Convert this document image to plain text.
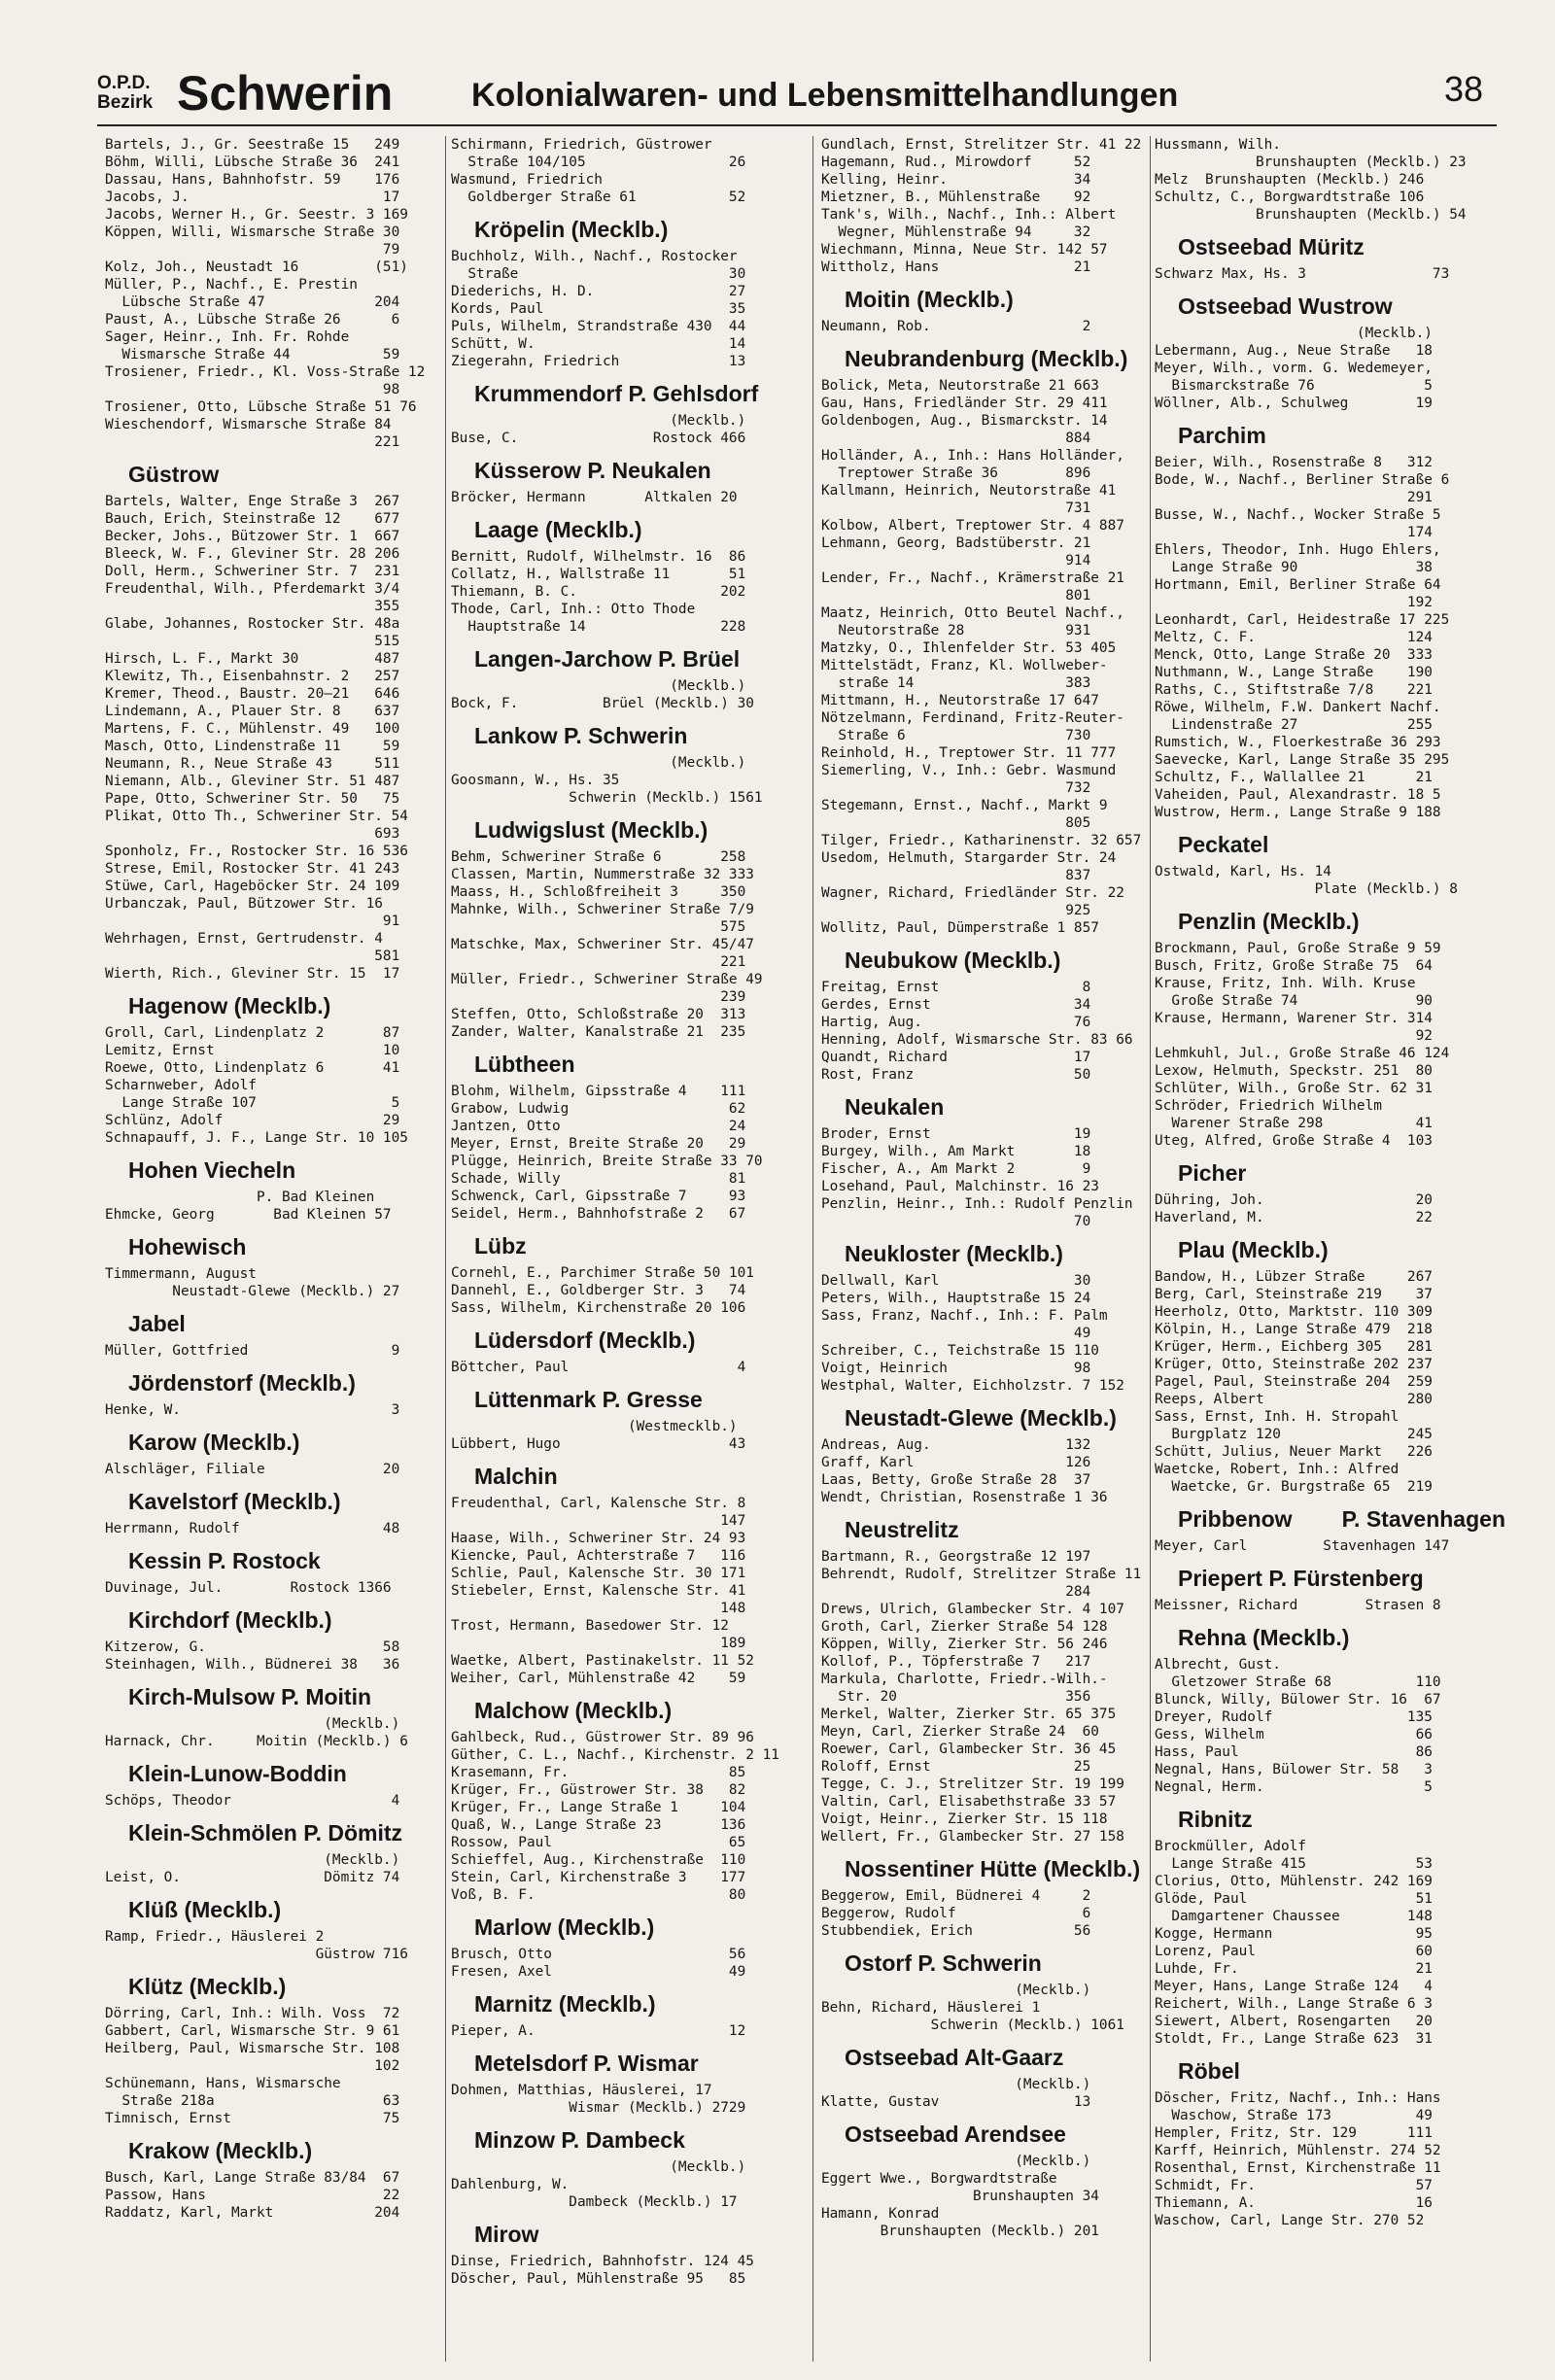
O.P.D.
Bezirk Schwerin Kolonialwaren- und Lebensmittelhandlungen	38
Bartels, J., Gr. Seestraße 15   249
Böhm, Willi, Lübsche Straße 36  241
Dassau, Hans, Bahnhofstr. 59    176
Jacobs, J.                       17
Jacobs, Werner H., Gr. Seestr. 3 169
Köppen, Willi, Wismarsche Straße 30
79
Kolz, Joh., Neustadt 16         (51)
Müller, P., Nachf., E. Prestin
Lübsche Straße 47             204
Paust, A., Lübsche Straße 26      6
Sager, Heinr., Inh. Fr. Rohde
Wismarsche Straße 44           59
Trosiener, Friedr., Kl. Voss-Straße 12
98
Trosiener, Otto, Lübsche Straße 51 76
Wieschendorf, Wismarsche Straße 84
221
Güstrow
Bartels, Walter, Enge Straße 3  267
Bauch, Erich, Steinstraße 12    677
Becker, Johs., Bützower Str. 1  667
Bleeck, W. F., Gleviner Str. 28 206
Doll, Herm., Schweriner Str. 7  231
Freudenthal, Wilh., Pferdemarkt 3/4
355
Glabe, Johannes, Rostocker Str. 48a
515
Hirsch, L. F., Markt 30         487
Klewitz, Th., Eisenbahnstr. 2   257
Kremer, Theod., Baustr. 20—21   646
Lindemann, A., Plauer Str. 8    637
Martens, F. C., Mühlenstr. 49   100
Masch, Otto, Lindenstraße 11     59
Neumann, R., Neue Straße 43     511
Niemann, Alb., Gleviner Str. 51 487
Pape, Otto, Schweriner Str. 50   75
Plikat, Otto Th., Schweriner Str. 54
693
Sponholz, Fr., Rostocker Str. 16 536
Strese, Emil, Rostocker Str. 41 243
Stüwe, Carl, Hageböcker Str. 24 109
Urbanczak, Paul, Bützower Str. 16
91
Wehrhagen, Ernst, Gertrudenstr. 4
581
Wierth, Rich., Gleviner Str. 15  17
Hagenow (Mecklb.)
Groll, Carl, Lindenplatz 2       87
Lemitz, Ernst                    10
Roewe, Otto, Lindenplatz 6       41
Scharnweber, Adolf
Lange Straße 107                5
Schlünz, Adolf                   29
Schnapauff, J. F., Lange Str. 10 105
Hohen Viecheln
P. Bad Kleinen
Ehmcke, Georg       Bad Kleinen 57
Hohewisch
Timmermann, August
Neustadt-Glewe (Mecklb.) 27
Jabel
Müller, Gottfried                 9
Jördenstorf (Mecklb.)
Henke, W.                         3
Karow (Mecklb.)
Alschläger, Filiale              20
Kavelstorf (Mecklb.)
Herrmann, Rudolf                 48
Kessin P. Rostock
Duvinage, Jul.        Rostock 1366
Kirchdorf (Mecklb.)
Kitzerow, G.                     58
Steinhagen, Wilh., Büdnerei 38   36
Kirch-Mulsow P. Moitin
(Mecklb.)
Harnack, Chr.     Moitin (Mecklb.) 6
Klein-Lunow-Boddin
Schöps, Theodor                   4
Klein-Schmölen P. Dömitz
(Mecklb.)
Leist, O.                 Dömitz 74
Klüß (Mecklb.)
Ramp, Friedr., Häuslerei 2
Güstrow 716
Klütz (Mecklb.)
Dörring, Carl, Inh.: Wilh. Voss  72
Gabbert, Carl, Wismarsche Str. 9 61
Heilberg, Paul, Wismarsche Str. 108
102
Schünemann, Hans, Wismarsche
Straße 218a                    63
Timnisch, Ernst                  75
Krakow (Mecklb.)
Busch, Karl, Lange Straße 83/84  67
Passow, Hans                     22
Raddatz, Karl, Markt            204
Schirmann, Friedrich, Güstrower
Straße 104/105                 26
Wasmund, Friedrich
Goldberger Straße 61           52
Kröpelin (Mecklb.)
Buchholz, Wilh., Nachf., Rostocker
Straße                         30
Diederichs, H. D.                27
Kords, Paul                      35
Puls, Wilhelm, Strandstraße 430  44
Schütt, W.                       14
Ziegerahn, Friedrich             13
Krummendorf P. Gehlsdorf
(Mecklb.)
Buse, C.                Rostock 466
Küsserow P. Neukalen
Bröcker, Hermann       Altkalen 20
Laage (Mecklb.)
Bernitt, Rudolf, Wilhelmstr. 16  86
Collatz, H., Wallstraße 11       51
Thiemann, B. C.                 202
Thode, Carl, Inh.: Otto Thode
Hauptstraße 14                228
Langen-Jarchow P. Brüel
(Mecklb.)
Bock, F.          Brüel (Mecklb.) 30
Lankow P. Schwerin
(Mecklb.)
Goosmann, W., Hs. 35
Schwerin (Mecklb.) 1561
Ludwigslust (Mecklb.)
Behm, Schweriner Straße 6       258
Classen, Martin, Nummerstraße 32 333
Maass, H., Schloßfreiheit 3     350
Mahnke, Wilh., Schweriner Straße 7/9
575
Matschke, Max, Schweriner Str. 45/47
221
Müller, Friedr., Schweriner Straße 49
239
Steffen, Otto, Schloßstraße 20  313
Zander, Walter, Kanalstraße 21  235
Lübtheen
Blohm, Wilhelm, Gipsstraße 4    111
Grabow, Ludwig                   62
Jantzen, Otto                    24
Meyer, Ernst, Breite Straße 20   29
Plügge, Heinrich, Breite Straße 33 70
Schade, Willy                    81
Schwenck, Carl, Gipsstraße 7     93
Seidel, Herm., Bahnhofstraße 2   67
Lübz
Cornehl, E., Parchimer Straße 50 101
Dannehl, E., Goldberger Str. 3   74
Sass, Wilhelm, Kirchenstraße 20 106
Lüdersdorf (Mecklb.)
Böttcher, Paul                    4
Lüttenmark P. Gresse
(Westmecklb.)
Lübbert, Hugo                    43
Malchin
Freudenthal, Carl, Kalensche Str. 8
147
Haase, Wilh., Schweriner Str. 24 93
Kiencke, Paul, Achterstraße 7   116
Schlie, Paul, Kalensche Str. 30 171
Stiebeler, Ernst, Kalensche Str. 41
148
Trost, Hermann, Basedower Str. 12
189
Waetke, Albert, Pastinakelstr. 11 52
Weiher, Carl, Mühlenstraße 42    59
Malchow (Mecklb.)
Gahlbeck, Rud., Güstrower Str. 89 96
Güther, C. L., Nachf., Kirchenstr. 2 11
Krasemann, Fr.                   85
Krüger, Fr., Güstrower Str. 38   82
Krüger, Fr., Lange Straße 1     104
Quaß, W., Lange Straße 23       136
Rossow, Paul                     65
Schieffel, Aug., Kirchenstraße  110
Stein, Carl, Kirchenstraße 3    177
Voß, B. F.                       80
Marlow (Mecklb.)
Brusch, Otto                     56
Fresen, Axel                     49
Marnitz (Mecklb.)
Pieper, A.                       12
Metelsdorf P. Wismar
Dohmen, Matthias, Häuslerei, 17
Wismar (Mecklb.) 2729
Minzow P. Dambeck
(Mecklb.)
Dahlenburg, W.
Dambeck (Mecklb.) 17
Mirow
Dinse, Friedrich, Bahnhofstr. 124 45
Döscher, Paul, Mühlenstraße 95   85
Gundlach, Ernst, Strelitzer Str. 41 22
Hagemann, Rud., Mirowdorf     52
Kelling, Heinr.               34
Mietzner, B., Mühlenstraße    92
Tank's, Wilh., Nachf., Inh.: Albert
Wegner, Mühlenstraße 94     32
Wiechmann, Minna, Neue Str. 142 57
Wittholz, Hans                21
Moitin (Mecklb.)
Neumann, Rob.                  2
Neubrandenburg (Mecklb.)
Bolick, Meta, Neutorstraße 21 663
Gau, Hans, Friedländer Str. 29 411
Goldenbogen, Aug., Bismarckstr. 14
884
Holländer, A., Inh.: Hans Holländer,
Treptower Straße 36        896
Kallmann, Heinrich, Neutorstraße 41
731
Kolbow, Albert, Treptower Str. 4 887
Lehmann, Georg, Badstüberstr. 21
914
Lender, Fr., Nachf., Krämerstraße 21
801
Maatz, Heinrich, Otto Beutel Nachf.,
Neutorstraße 28            931
Matzky, O., Ihlenfelder Str. 53 405
Mittelstädt, Franz, Kl. Wollweber-
straße 14                  383
Mittmann, H., Neutorstraße 17 647
Nötzelmann, Ferdinand, Fritz-Reuter-
Straße 6                   730
Reinhold, H., Treptower Str. 11 777
Siemerling, V., Inh.: Gebr. Wasmund
732
Stegemann, Ernst., Nachf., Markt 9
805
Tilger, Friedr., Katharinenstr. 32 657
Usedom, Helmuth, Stargarder Str. 24
837
Wagner, Richard, Friedländer Str. 22
925
Wollitz, Paul, Dümperstraße 1 857
Neubukow (Mecklb.)
Freitag, Ernst                 8
Gerdes, Ernst                 34
Hartig, Aug.                  76
Henning, Adolf, Wismarsche Str. 83 66
Quandt, Richard               17
Rost, Franz                   50
Neukalen
Broder, Ernst                 19
Burgey, Wilh., Am Markt       18
Fischer, A., Am Markt 2        9
Losehand, Paul, Malchinstr. 16 23
Penzlin, Heinr., Inh.: Rudolf Penzlin
70
Neukloster (Mecklb.)
Dellwall, Karl                30
Peters, Wilh., Hauptstraße 15 24
Sass, Franz, Nachf., Inh.: F. Palm
49
Schreiber, C., Teichstraße 15 110
Voigt, Heinrich               98
Westphal, Walter, Eichholzstr. 7 152
Neustadt-Glewe (Mecklb.)
Andreas, Aug.                132
Graff, Karl                  126
Laas, Betty, Große Straße 28  37
Wendt, Christian, Rosenstraße 1 36
Neustrelitz
Bartmann, R., Georgstraße 12 197
Behrendt, Rudolf, Strelitzer Straße 11
284
Drews, Ulrich, Glambecker Str. 4 107
Groth, Carl, Zierker Straße 54 128
Köppen, Willy, Zierker Str. 56 246
Kollof, P., Töpferstraße 7   217
Markula, Charlotte, Friedr.-Wilh.-
Str. 20                    356
Merkel, Walter, Zierker Str. 65 375
Meyn, Carl, Zierker Straße 24  60
Roewer, Carl, Glambecker Str. 36 45
Roloff, Ernst                 25
Tegge, C. J., Strelitzer Str. 19 199
Valtin, Carl, Elisabethstraße 33 57
Voigt, Heinr., Zierker Str. 15 118
Wellert, Fr., Glambecker Str. 27 158
Nossentiner Hütte (Mecklb.)
Beggerow, Emil, Büdnerei 4     2
Beggerow, Rudolf               6
Stubbendiek, Erich            56
Ostorf P. Schwerin
(Mecklb.)
Behn, Richard, Häuslerei 1
Schwerin (Mecklb.) 1061
Ostseebad Alt-Gaarz
(Mecklb.)
Klatte, Gustav                13
Ostseebad Arendsee
(Mecklb.)
Eggert Wwe., Borgwardtstraße
Brunshaupten 34
Hamann, Konrad
Brunshaupten (Mecklb.) 201
Hussmann, Wilh.
Brunshaupten (Mecklb.) 23
Melz  Brunshaupten (Mecklb.) 246
Schultz, C., Borgwardtstraße 106
Brunshaupten (Mecklb.) 54
Ostseebad Müritz
Schwarz Max, Hs. 3               73
Ostseebad Wustrow
(Mecklb.)
Lebermann, Aug., Neue Straße   18
Meyer, Wilh., vorm. G. Wedemeyer,
Bismarckstraße 76             5
Wöllner, Alb., Schulweg        19
Parchim
Beier, Wilh., Rosenstraße 8   312
Bode, W., Nachf., Berliner Straße 6
291
Busse, W., Nachf., Wocker Straße 5
174
Ehlers, Theodor, Inh. Hugo Ehlers,
Lange Straße 90              38
Hortmann, Emil, Berliner Straße 64
192
Leonhardt, Carl, Heidestraße 17 225
Meltz, C. F.                  124
Menck, Otto, Lange Straße 20  333
Nuthmann, W., Lange Straße    190
Raths, C., Stiftstraße 7/8    221
Röwe, Wilhelm, F.W. Dankert Nachf.
Lindenstraße 27             255
Rumstich, W., Floerkestraße 36 293
Saevecke, Karl, Lange Straße 35 295
Schultz, F., Wallallee 21      21
Vaheiden, Paul, Alexandrastr. 18 5
Wustrow, Herm., Lange Straße 9 188
Peckatel
Ostwald, Karl, Hs. 14
Plate (Mecklb.) 8
Penzlin (Mecklb.)
Brockmann, Paul, Große Straße 9 59
Busch, Fritz, Große Straße 75  64
Krause, Fritz, Inh. Wilh. Kruse
Große Straße 74              90
Krause, Hermann, Warener Str. 314
92
Lehmkuhl, Jul., Große Straße 46 124
Lexow, Helmuth, Speckstr. 251  80
Schlüter, Wilh., Große Str. 62 31
Schröder, Friedrich Wilhelm
Warener Straße 298           41
Uteg, Alfred, Große Straße 4  103
Picher
Dühring, Joh.                  20
Haverland, M.                  22
Plau (Mecklb.)
Bandow, H., Lübzer Straße     267
Berg, Carl, Steinstraße 219    37
Heerholz, Otto, Marktstr. 110 309
Kölpin, H., Lange Straße 479  218
Krüger, Herm., Eichberg 305   281
Krüger, Otto, Steinstraße 202 237
Pagel, Paul, Steinstraße 204  259
Reeps, Albert                 280
Sass, Ernst, Inh. H. Stropahl
Burgplatz 120               245
Schütt, Julius, Neuer Markt   226
Waetcke, Robert, Inh.: Alfred
Waetcke, Gr. Burgstraße 65  219
Pribbenow        P. Stavenhagen
Meyer, Carl         Stavenhagen 147
Priepert P. Fürstenberg
Meissner, Richard        Strasen 8
Rehna (Mecklb.)
Albrecht, Gust.
Gletzower Straße 68          110
Blunck, Willy, Bülower Str. 16  67
Dreyer, Rudolf                135
Gess, Wilhelm                  66
Hass, Paul                     86
Negnal, Hans, Bülower Str. 58   3
Negnal, Herm.                   5
Ribnitz
Brockmüller, Adolf
Lange Straße 415             53
Clorius, Otto, Mühlenstr. 242 169
Glöde, Paul                    51
Damgartener Chaussee        148
Kogge, Hermann                 95
Lorenz, Paul                   60
Luhde, Fr.                     21
Meyer, Hans, Lange Straße 124   4
Reichert, Wilh., Lange Straße 6 3
Siewert, Albert, Rosengarten   20
Stoldt, Fr., Lange Straße 623  31
Röbel
Döscher, Fritz, Nachf., Inh.: Hans
Waschow, Straße 173          49
Hempler, Fritz, Str. 129      111
Karff, Heinrich, Mühlenstr. 274 52
Rosenthal, Ernst, Kirchenstraße 11
Schmidt, Fr.                   57
Thiemann, A.                   16
Waschow, Carl, Lange Str. 270 52
